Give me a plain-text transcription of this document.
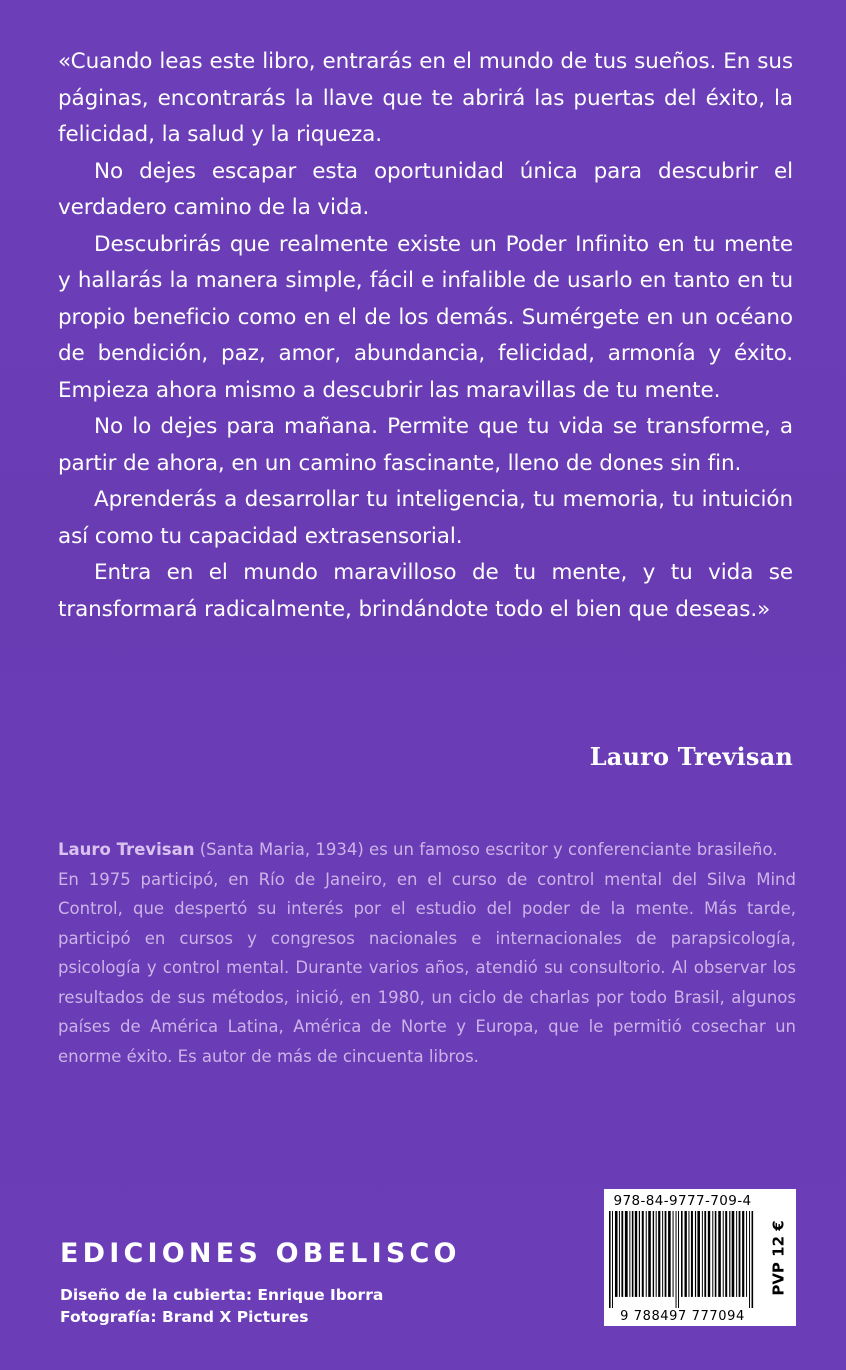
«Cuando leas este libro, entrarás en el mundo de tus sueños. En sus páginas, encontrarás la llave que te abrirá las puertas del éxito, la felicidad, la salud y la riqueza.

No dejes escapar esta oportunidad única para descubrir el verdadero camino de la vida.

Descubrirás que realmente existe un Poder Infinito en tu mente y hallarás la manera simple, fácil e infalible de usarlo en tanto en tu propio beneficio como en el de los demás. Sumérgete en un océano de bendición, paz, amor, abundancia, felicidad, armonía y éxito. Empieza ahora mismo a descubrir las maravillas de tu mente.

No lo dejes para mañana. Permite que tu vida se transforme, a partir de ahora, en un camino fascinante, lleno de dones sin fin.

Aprenderás a desarrollar tu inteligencia, tu memoria, tu intuición así como tu capacidad extrasensorial.

Entra en el mundo maravilloso de tu mente, y tu vida se transformará radicalmente, brindándote todo el bien que deseas.»

Lauro Trevisan

Lauro Trevisan (Santa Maria, 1934) es un famoso escritor y conferenciante brasileño.

En 1975 participó, en Río de Janeiro, en el curso de control mental del Silva Mind Control, que despertó su interés por el estudio del poder de la mente. Más tarde, participó en cursos y congresos nacionales e internacionales de parapsicología, psicología y control mental. Durante varios años, atendió su consultorio. Al observar los resultados de sus métodos, inició, en 1980, un ciclo de charlas por todo Brasil, algunos países de América Latina, América de Norte y Europa, que le permitió cosechar un enorme éxito. Es autor de más de cincuenta libros.

EDICIONES OBELISCO
Diseño de la cubierta: Enrique Iborra
Fotografía: Brand X Pictures
978-84-9777-709-4
9 788497 777094
PVP 12 €
